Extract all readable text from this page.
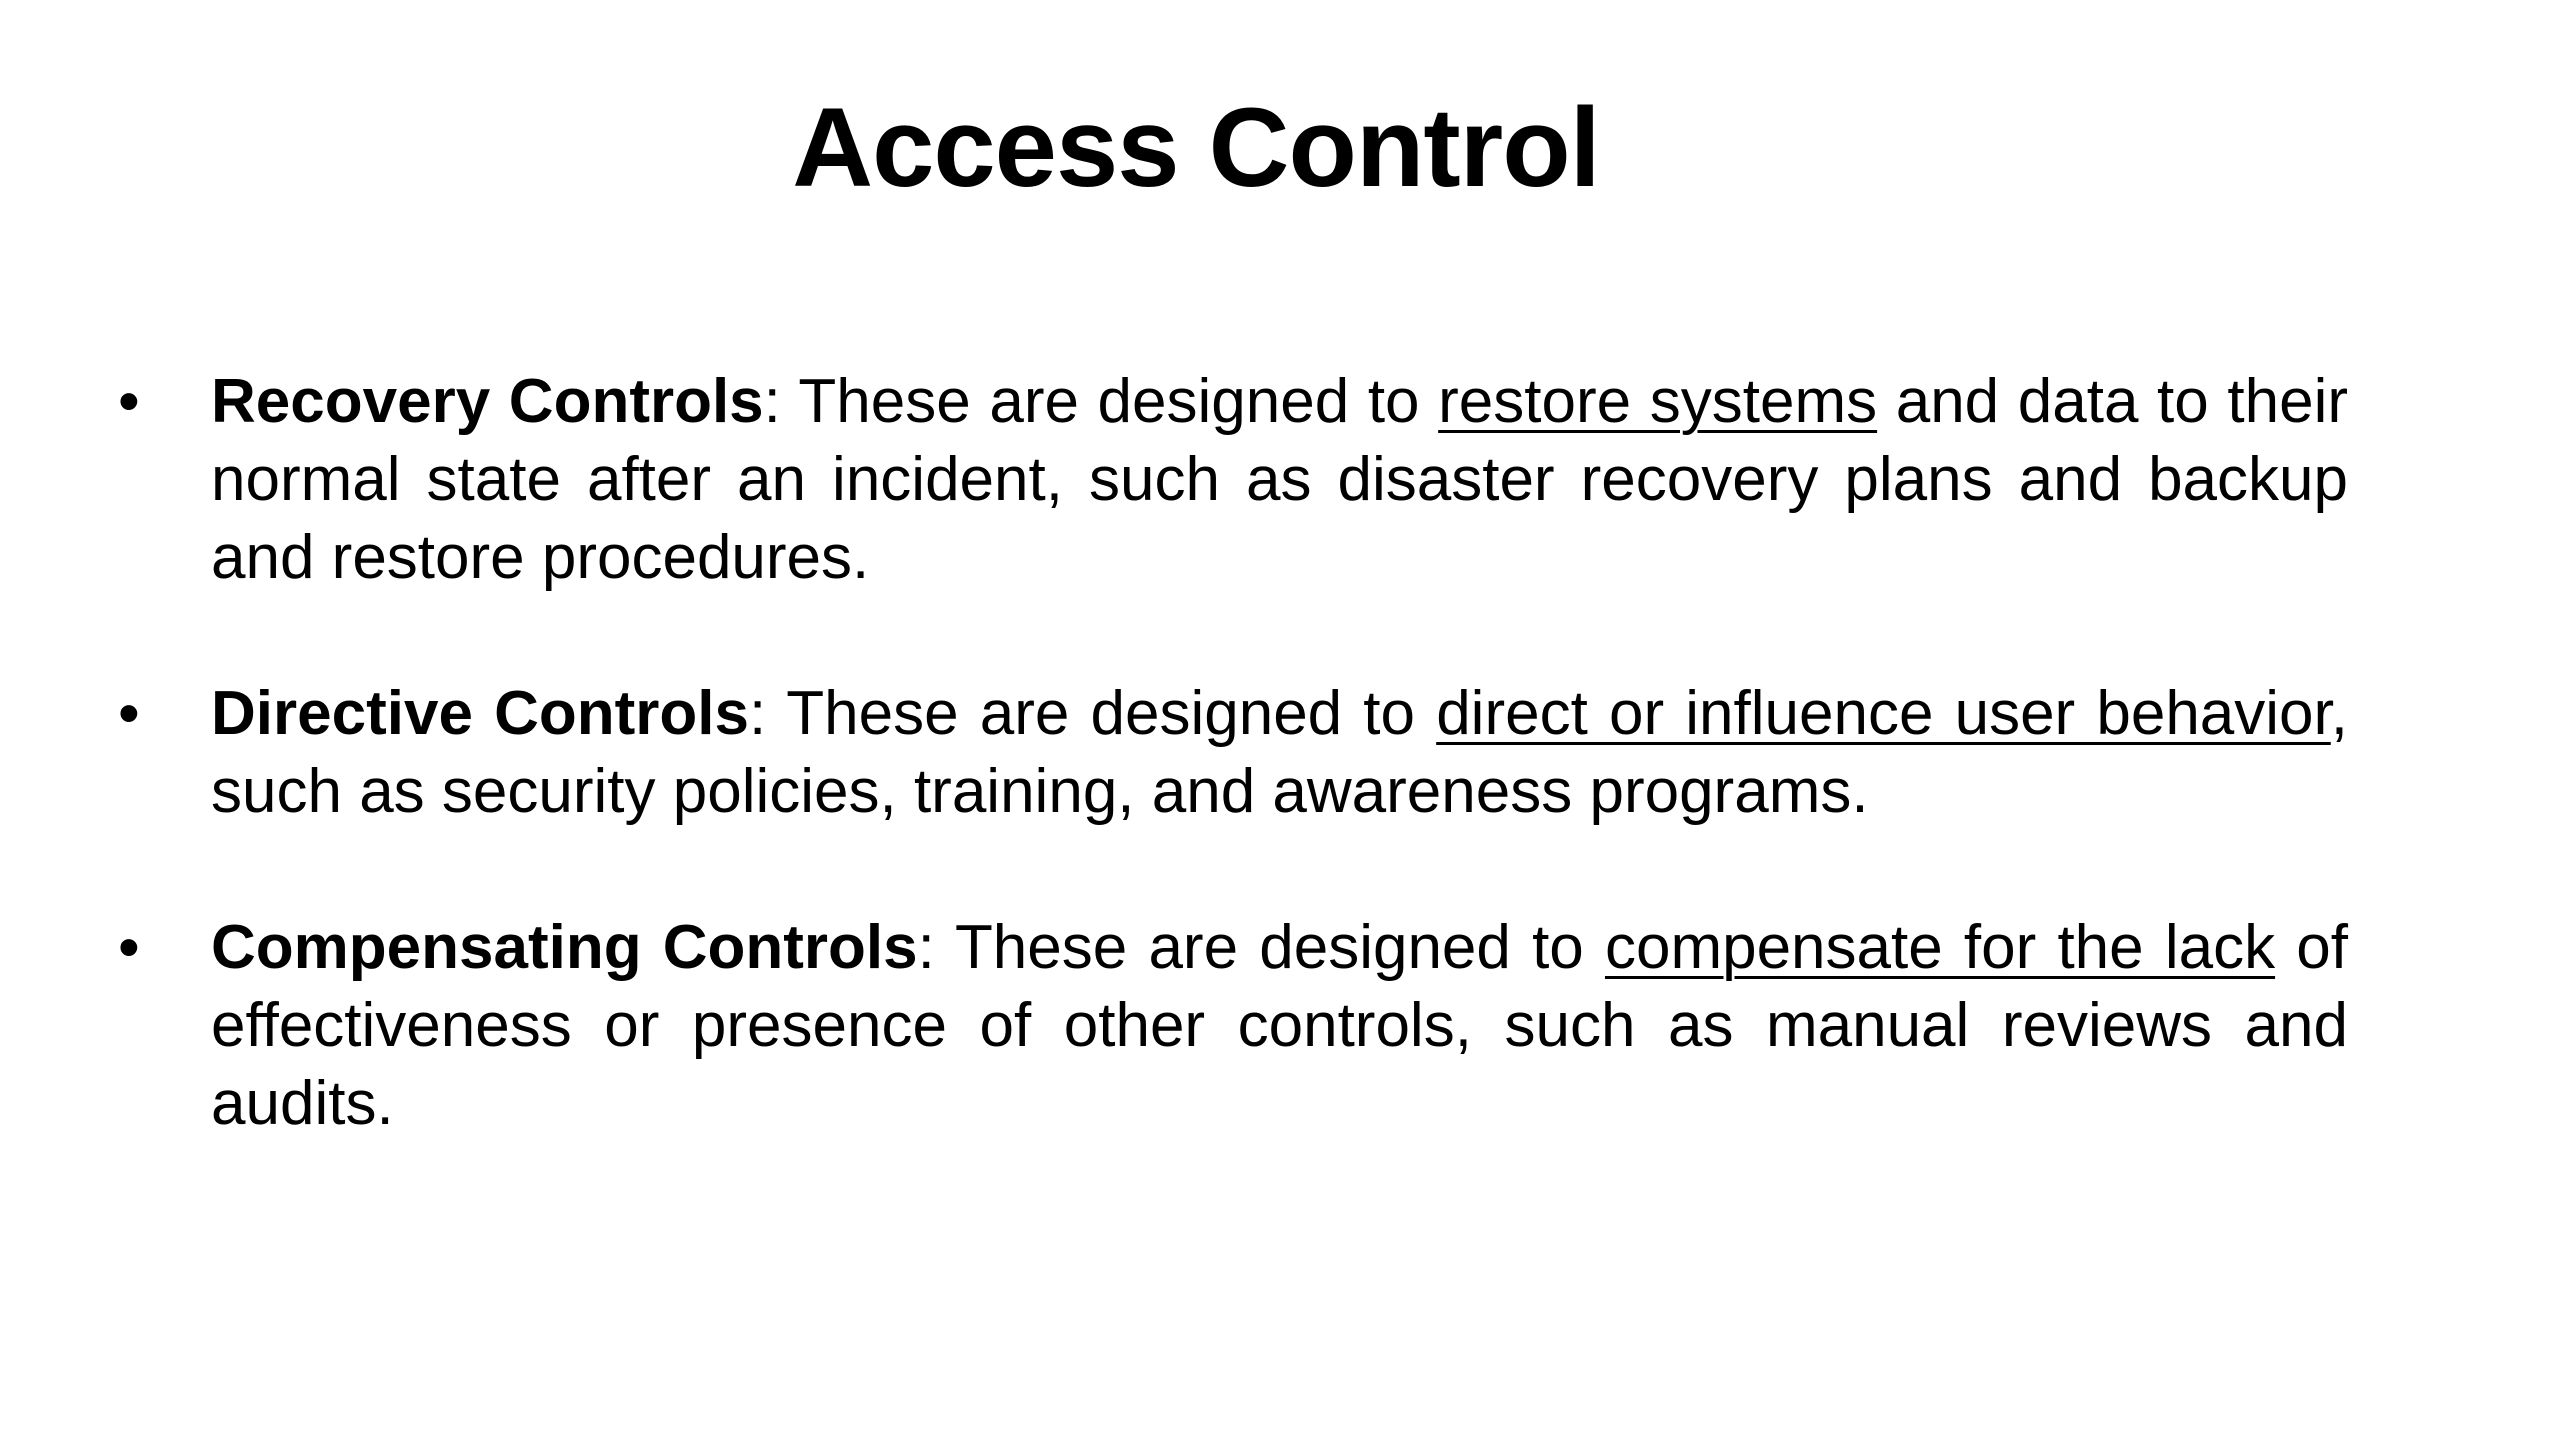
Access Control
• Recovery Controls: These are designed to restore systems and data to their normal state after an incident, such as disaster recovery plans and backup and restore procedures.
• Directive Controls: These are designed to direct or influence user behavior, such as security policies, training, and awareness programs.
• Compensating Controls: These are designed to compensate for the lack of effectiveness or presence of other controls, such as manual reviews and audits.
